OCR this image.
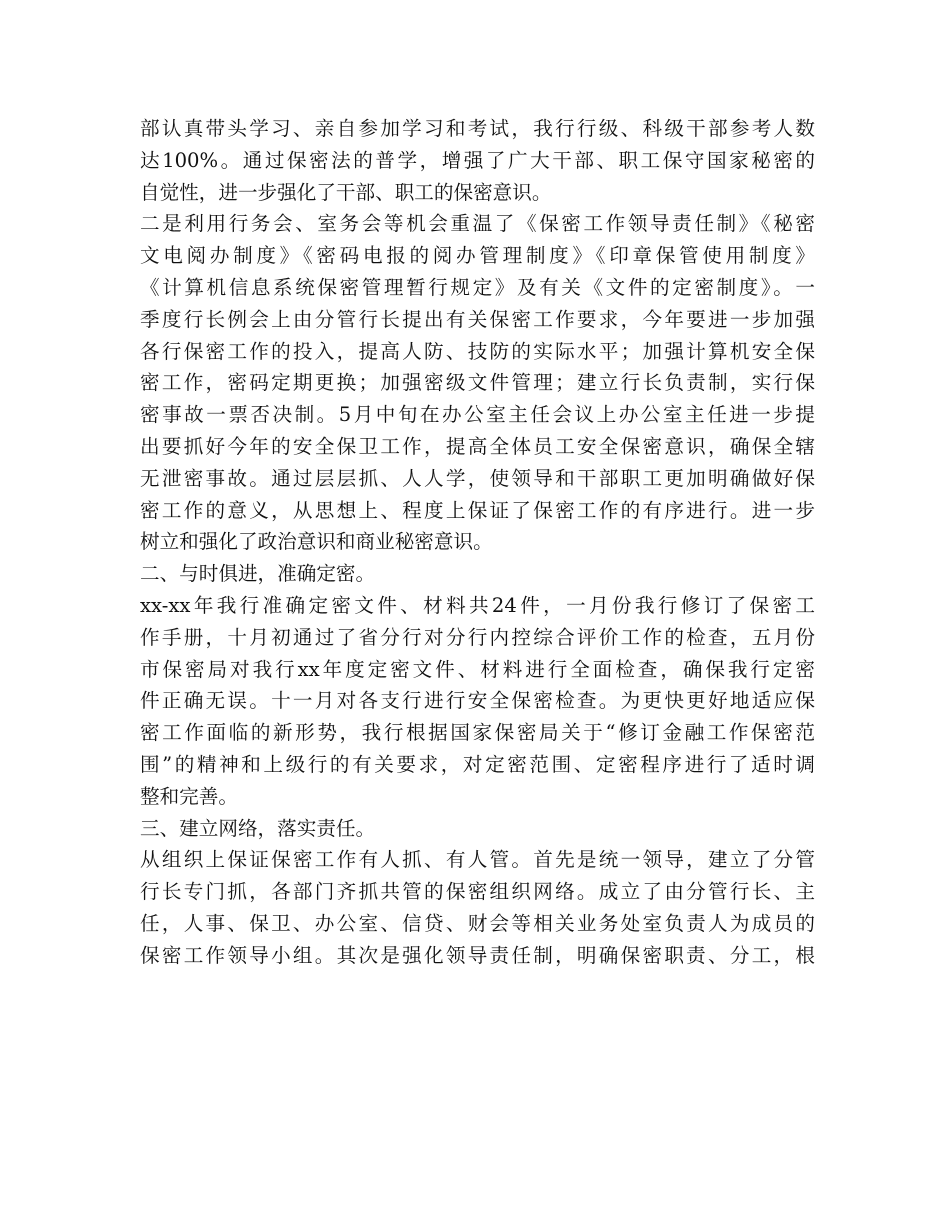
部认真带头学习、亲自参加学习和考试，我行行级、科级干部参考人数
达100%。通过保密法的普学，增强了广大干部、职工保守国家秘密的
自觉性，进一步强化了干部、职工的保密意识。
二是利用行务会、室务会等机会重温了《保密工作领导责任制》《秘密
文电阅办制度》《密码电报的阅办管理制度》《印章保管使用制度》
《计算机信息系统保密管理暂行规定》及有关《文件的定密制度》。一
季度行长例会上由分管行长提出有关保密工作要求，今年要进一步加强
各行保密工作的投入，提高人防、技防的实际水平；加强计算机安全保
密工作，密码定期更换；加强密级文件管理；建立行长负责制，实行保
密事故一票否决制。5月中旬在办公室主任会议上办公室主任进一步提
出要抓好今年的安全保卫工作，提高全体员工安全保密意识，确保全辖
无泄密事故。通过层层抓、人人学，使领导和干部职工更加明确做好保
密工作的意义，从思想上、程度上保证了保密工作的有序进行。进一步
树立和强化了政治意识和商业秘密意识。
二、与时俱进，准确定密。
xx-xx年我行准确定密文件、材料共24件，一月份我行修订了保密工
作手册，十月初通过了省分行对分行内控综合评价工作的检查，五月份
市保密局对我行xx年度定密文件、材料进行全面检查，确保我行定密
件正确无误。十一月对各支行进行安全保密检查。为更快更好地适应保
密工作面临的新形势，我行根据国家保密局关于“修订金融工作保密范
围”的精神和上级行的有关要求，对定密范围、定密程序进行了适时调
整和完善。
三、建立网络，落实责任。
从组织上保证保密工作有人抓、有人管。首先是统一领导，建立了分管
行长专门抓，各部门齐抓共管的保密组织网络。成立了由分管行长、主
任，人事、保卫、办公室、信贷、财会等相关业务处室负责人为成员的
保密工作领导小组。其次是强化领导责任制，明确保密职责、分工，根
